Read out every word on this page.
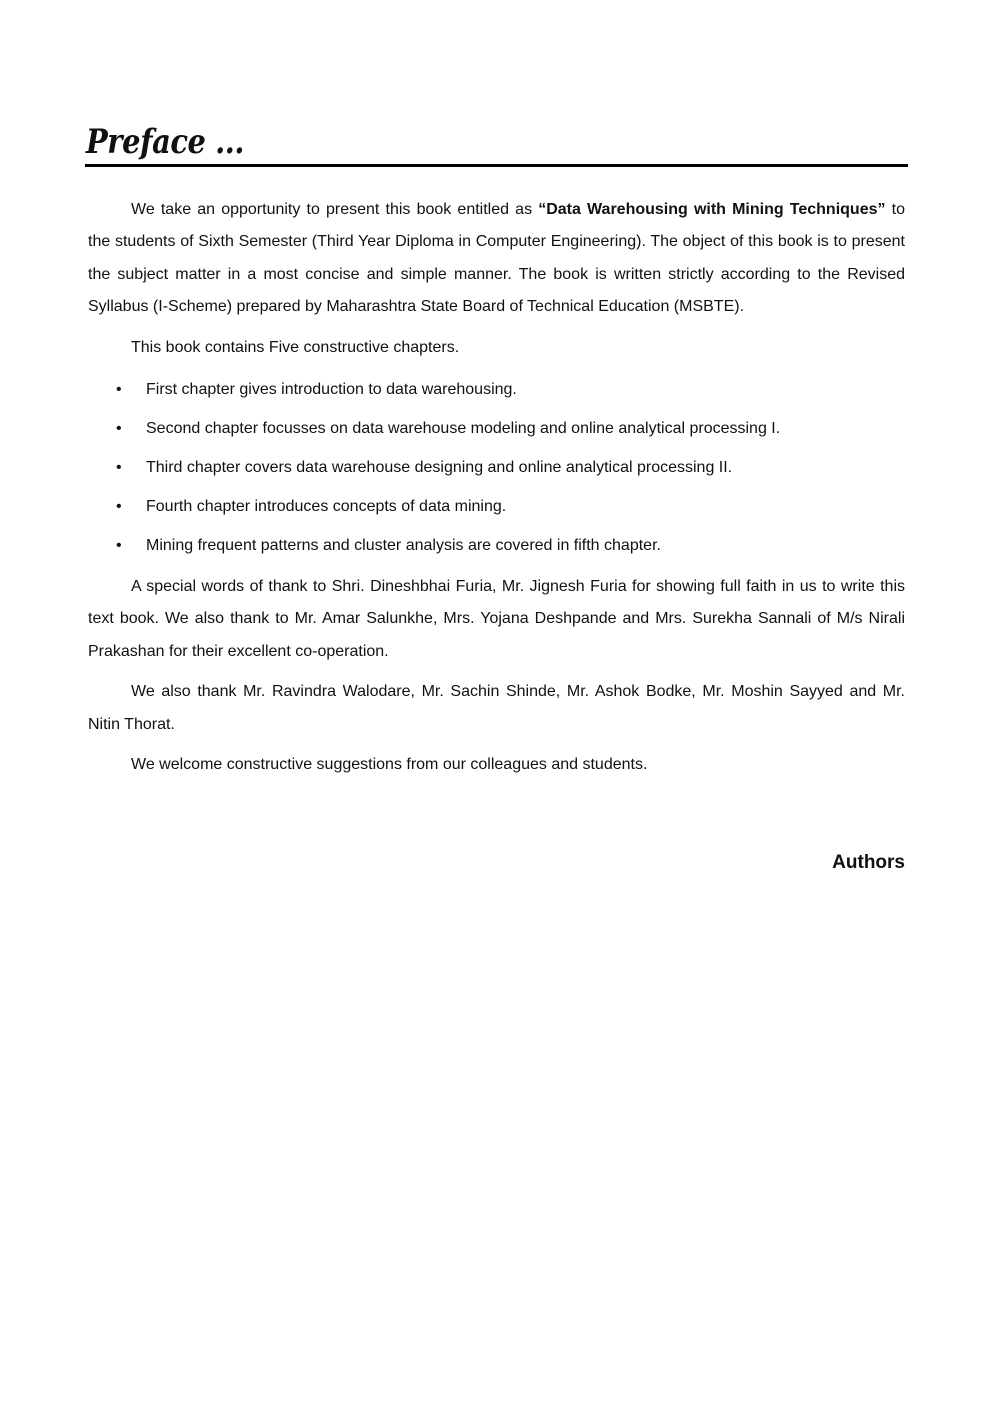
Preface ...

We take an opportunity to present this book entitled as “Data Warehousing with Mining Techniques” to the students of Sixth Semester (Third Year Diploma in Computer Engineering). The object of this book is to present the subject matter in a most concise and simple manner. The book is written strictly according to the Revised Syllabus (I-Scheme) prepared by Maharashtra State Board of Technical Education (MSBTE).

This book contains Five constructive chapters.

• First chapter gives introduction to data warehousing.
• Second chapter focusses on data warehouse modeling and online analytical processing I.
• Third chapter covers data warehouse designing and online analytical processing II.
• Fourth chapter introduces concepts of data mining.
• Mining frequent patterns and cluster analysis are covered in fifth chapter.

A special words of thank to Shri. Dineshbhai Furia, Mr. Jignesh Furia for showing full faith in us to write this text book. We also thank to Mr. Amar Salunkhe, Mrs. Yojana Deshpande and Mrs. Surekha Sannali of M/s Nirali Prakashan for their excellent co-operation.

We also thank Mr. Ravindra Walodare, Mr. Sachin Shinde, Mr. Ashok Bodke, Mr. Moshin Sayyed and Mr. Nitin Thorat.

We welcome constructive suggestions from our colleagues and students.

Authors
